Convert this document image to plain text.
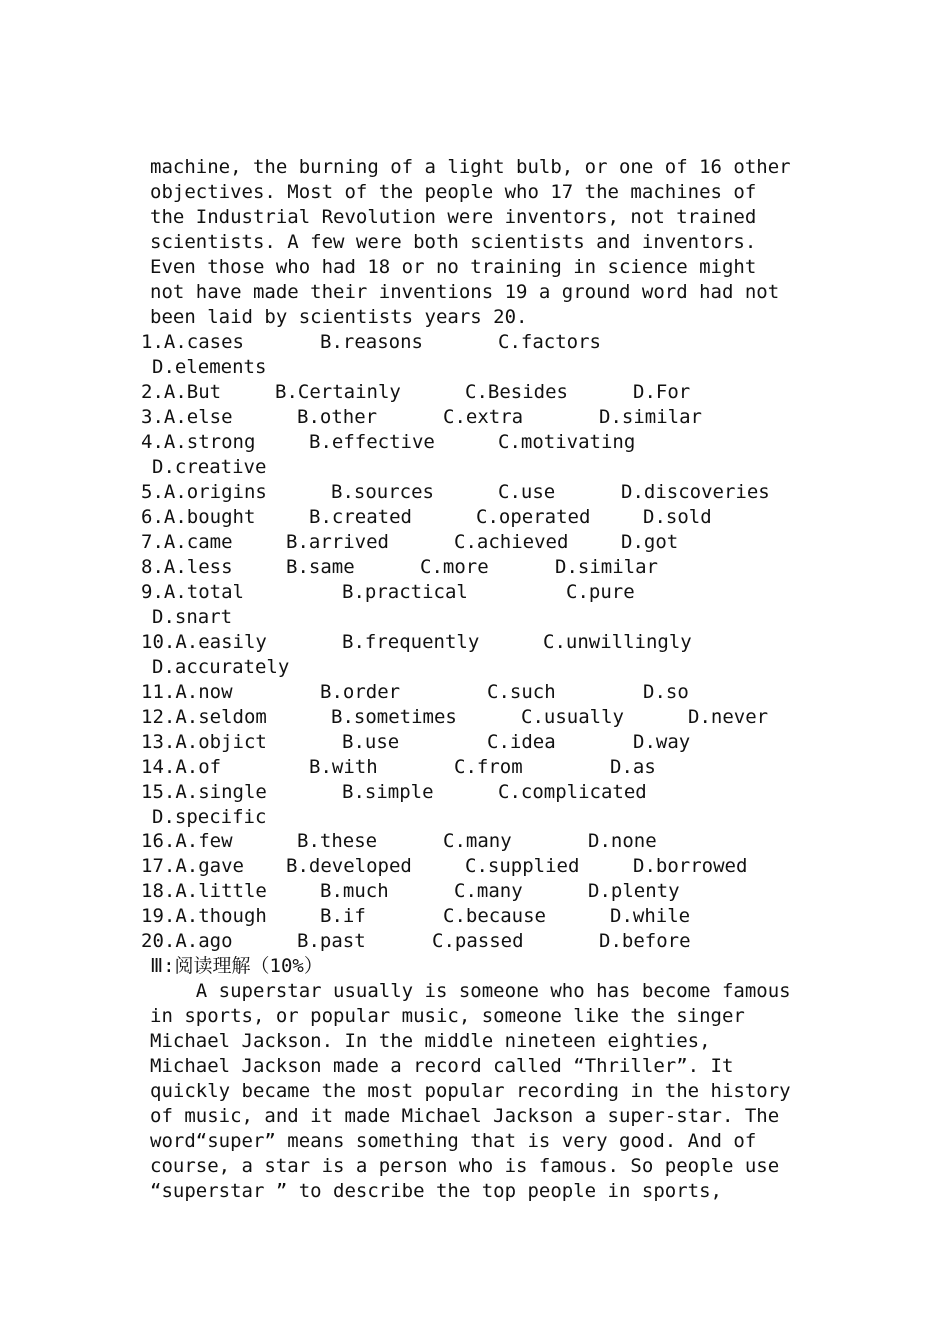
machine, the burning of a light bulb, or one of 16 other
objectives. Most of the people who 17 the machines of
the Industrial Revolution were inventors, not trained
scientists. A few were both scientists and inventors.
Even those who had 18 or no training in science might
not have made their inventions 19 a ground word had not
been laid by scientists years 20.
1.A.cases	B.reasons	C.factors
D.elements
2.A.But	B.Certainly	C.Besides	D.For
3.A.else	B.other	C.extra	D.similar
4.A.strong	B.effective	C.motivating
D.creative
5.A.origins	B.sources	C.use	D.discoveries
6.A.bought	B.created	C.operated	D.sold
7.A.came	B.arrived	C.achieved	D.got
8.A.less	B.same	C.more	D.similar
9.A.total	B.practical	C.pure
D.snart
10.A.easily	B.frequently	C.unwillingly
D.accurately
11.A.now	B.order	C.such	D.so
12.A.seldom	B.sometimes	C.usually	D.never
13.A.objict	B.use	C.idea	D.way
14.A.of	B.with	C.from	D.as
15.A.single	B.simple	C.complicated
D.specific
16.A.few	B.these	C.many	D.none
17.A.gave B.developed	C.supplied	D.borrowed
18.A.little	B.much	C.many	D.plenty
19.A.though	B.if	C.because	D.while
20.A.ago	B.past	C.passed	D.before
Ⅲ:阅读理解（10%）
A superstar usually is someone who has become famous
in sports, or popular music, someone like the singer
Michael Jackson. In the middle nineteen eighties,
Michael Jackson made a record called “Thriller”. It
quickly became the most popular recording in the history
of music, and it made Michael Jackson a super-star. The
word“super” means something that is very good. And of
course, a star is a person who is famous. So people use
“superstar ” to describe the top people in sports,
